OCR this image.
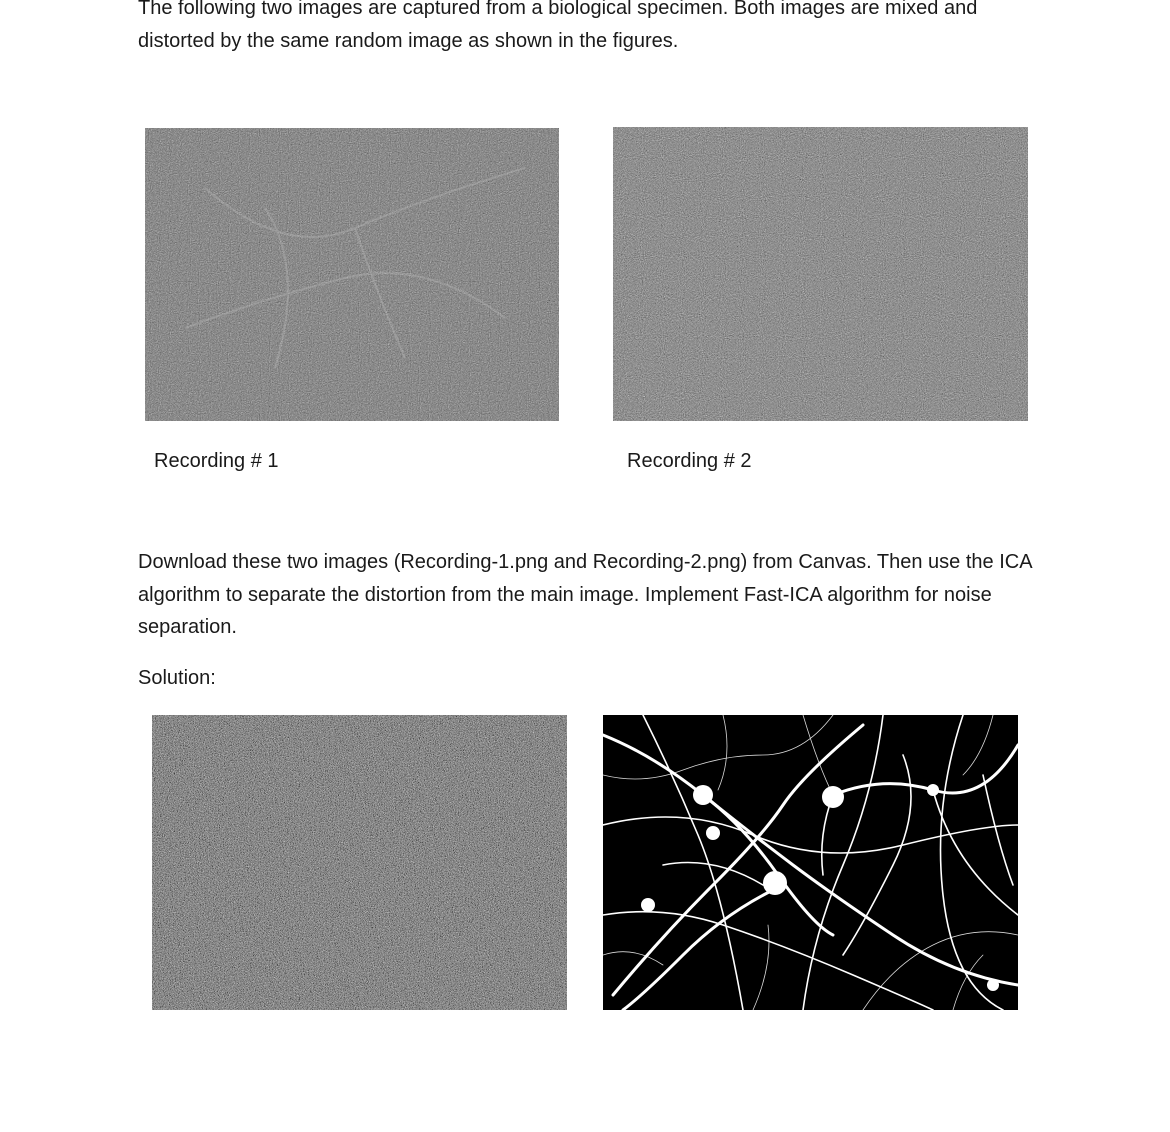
The following two images are captured from a biological specimen. Both images are mixed and distorted by the same random image as shown in the figures.

Recording # 1	Recording # 2

Download these two images (Recording-1.png and Recording-2.png) from Canvas. Then use the ICA algorithm to separate the distortion from the main image. Implement Fast-ICA algorithm for noise separation.

Solution:
